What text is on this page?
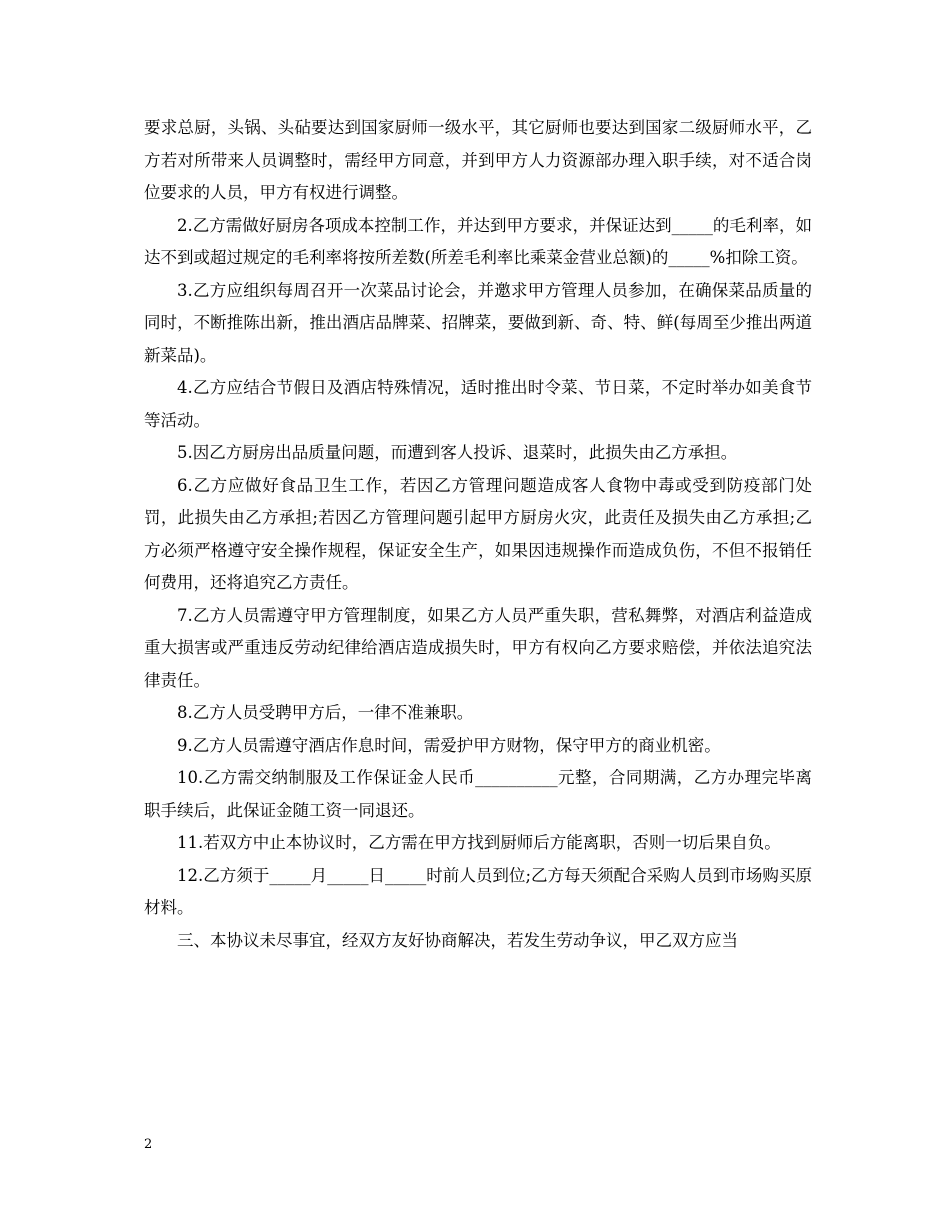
要求总厨，头锅、头砧要达到国家厨师一级水平，其它厨师也要达到国家二级厨师水平，乙方若对所带来人员调整时，需经甲方同意，并到甲方人力资源部办理入职手续，对不适合岗位要求的人员，甲方有权进行调整。

2.乙方需做好厨房各项成本控制工作，并达到甲方要求，并保证达到_____的毛利率，如达不到或超过规定的毛利率将按所差数(所差毛利率比乘菜金营业总额)的_____%扣除工资。

3.乙方应组织每周召开一次菜品讨论会，并邀求甲方管理人员参加，在确保菜品质量的同时，不断推陈出新，推出酒店品牌菜、招牌菜，要做到新、奇、特、鲜(每周至少推出两道新菜品)。

4.乙方应结合节假日及酒店特殊情况，适时推出时令菜、节日菜，不定时举办如美食节等活动。

5.因乙方厨房出品质量问题，而遭到客人投诉、退菜时，此损失由乙方承担。

6.乙方应做好食品卫生工作，若因乙方管理问题造成客人食物中毒或受到防疫部门处罚，此损失由乙方承担;若因乙方管理问题引起甲方厨房火灾，此责任及损失由乙方承担;乙方必须严格遵守安全操作规程，保证安全生产，如果因违规操作而造成负伤，不但不报销任何费用，还将追究乙方责任。

7.乙方人员需遵守甲方管理制度，如果乙方人员严重失职，营私舞弊，对酒店利益造成重大损害或严重违反劳动纪律给酒店造成损失时，甲方有权向乙方要求赔偿，并依法追究法律责任。

8.乙方人员受聘甲方后，一律不准兼职。

9.乙方人员需遵守酒店作息时间，需爱护甲方财物，保守甲方的商业机密。

10.乙方需交纳制服及工作保证金人民币__________元整，合同期满，乙方办理完毕离职手续后，此保证金随工资一同退还。

11.若双方中止本协议时，乙方需在甲方找到厨师后方能离职，否则一切后果自负。

12.乙方须于_____月_____日_____时前人员到位;乙方每天须配合采购人员到市场购买原材料。

三、本协议未尽事宜，经双方友好协商解决，若发生劳动争议，甲乙双方应当

2
